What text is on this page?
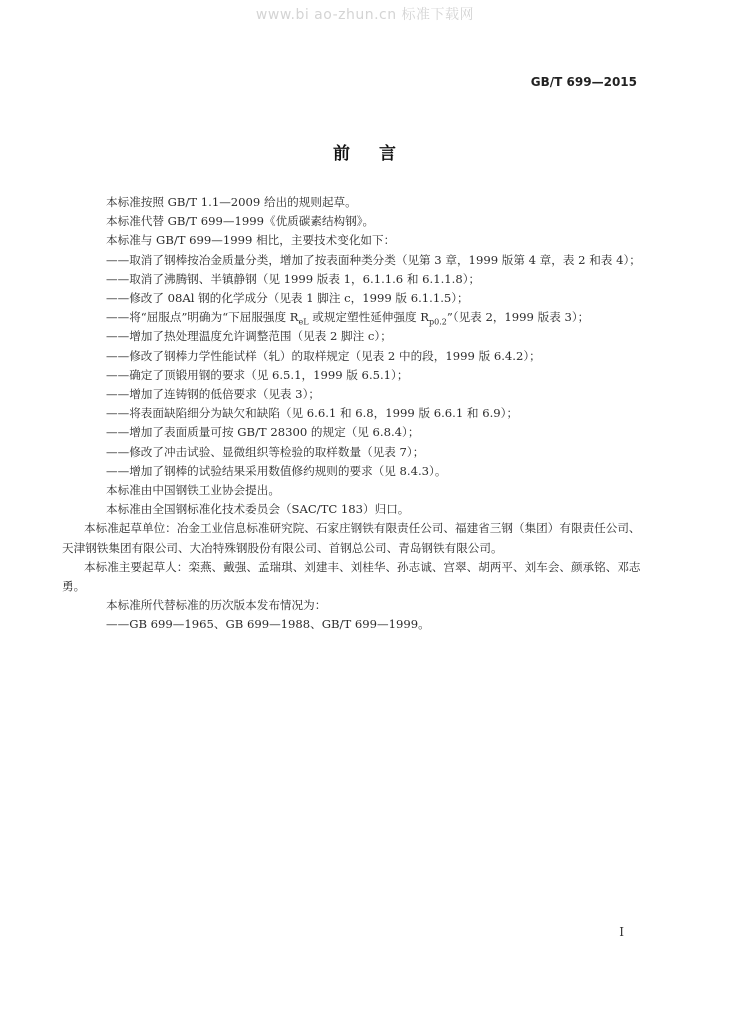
www.bi ao-zhun.cn 标准下载网
GB/T 699—2015
前 言

本标准按照 GB/T 1.1—2009 给出的规则起草。

本标准代替 GB/T 699—1999《优质碳素结构钢》。

本标准与 GB/T 699—1999 相比，主要技术变化如下：

——取消了钢棒按冶金质量分类，增加了按表面种类分类（见第 3 章，1999 版第 4 章，表 2 和表 4）；

——取消了沸腾钢、半镇静钢（见 1999 版表 1，6.1.1.6 和 6.1.1.8）；

——修改了 08Al 钢的化学成分（见表 1 脚注 c，1999 版 6.1.1.5）；

——将“屈服点”明确为“下屈服强度 $R_{eL}$ 或规定塑性延伸强度 $R_{p0.2}$”（见表 2，1999 版表 3）；

——增加了热处理温度允许调整范围（见表 2 脚注 c）；

——修改了钢棒力学性能试样（轧）的取样规定（见表 2 中的段，1999 版 6.4.2）；

——确定了顶锻用钢的要求（见 6.5.1，1999 版 6.5.1）；

——增加了连铸钢的低倍要求（见表 3）；

——将表面缺陷细分为缺欠和缺陷（见 6.6.1 和 6.8，1999 版 6.6.1 和 6.9）；

——增加了表面质量可按 GB/T 28300 的规定（见 6.8.4）；

——修改了冲击试验、显微组织等检验的取样数量（见表 7）；

——增加了钢棒的试验结果采用数值修约规则的要求（见 8.4.3）。

本标准由中国钢铁工业协会提出。

本标准由全国钢标准化技术委员会（SAC/TC 183）归口。

本标准起草单位：冶金工业信息标准研究院、石家庄钢铁有限责任公司、福建省三钢（集团）有限责任公司、天津钢铁集团有限公司、大冶特殊钢股份有限公司、首钢总公司、青岛钢铁有限公司。

本标准主要起草人：栾燕、戴强、孟瑞琪、刘建丰、刘桂华、孙志诚、宫翠、胡两平、刘车会、颜承铭、邓志勇。

本标准所代替标准的历次版本发布情况为：

——GB 699—1965、GB 699—1988、GB/T 699—1999。

I
